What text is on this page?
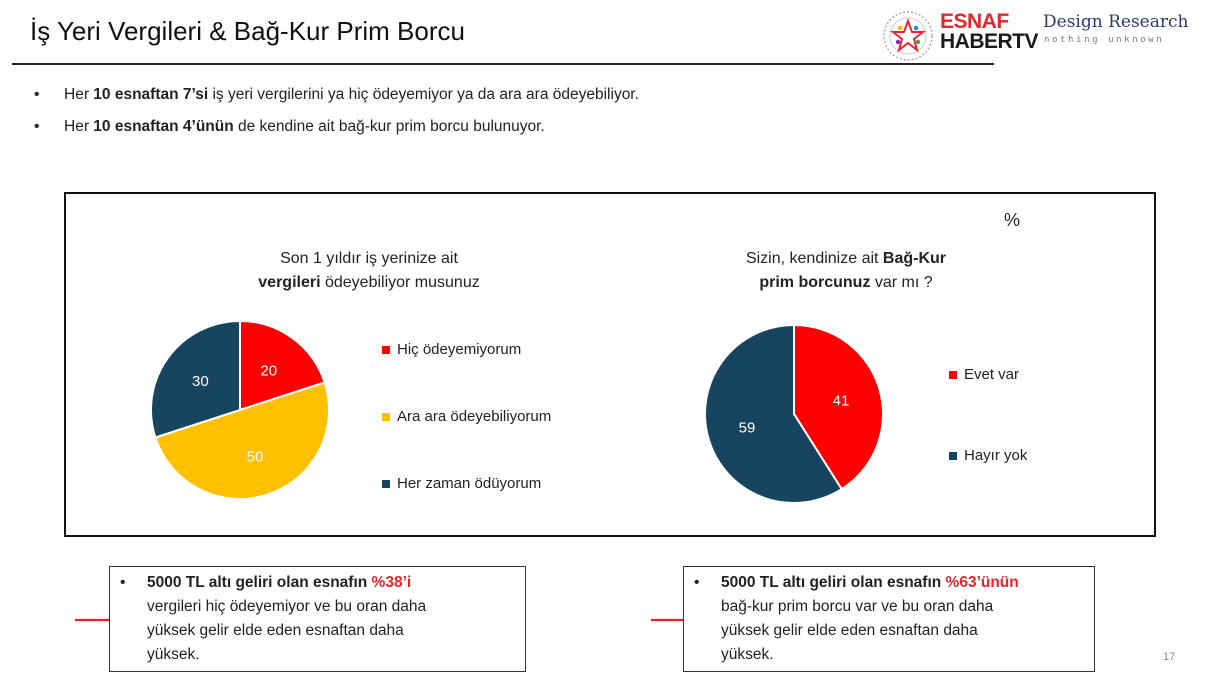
İş Yeri Vergileri & Bağ-Kur Prim Borcu	ESNAF
HABERTV
Design Research
nothing unknown
• Her 10 esnaftan 7’si iş yeri vergilerini ya hiç ödeyemiyor ya da ara ara ödeyebiliyor.
• Her 10 esnaftan 4’ünün de kendine ait bağ-kur prim borcu bulunuyor.
%
Son 1 yıldır iş yerinize ait
vergileri ödeyebiliyor musunuz
Sizin, kendinize ait Bağ-Kur
prim borcunuz var mı ?
20
50
30
41
59
Hiç ödeyemiyorum
Ara ara ödeyebiliyorum
Her zaman ödüyorum
Evet var
Hayır yok
• 5000 TL altı geliri olan esnafın %38’i
vergileri hiç ödeyemiyor ve bu oran daha
yüksek gelir elde eden esnaftan daha
yüksek.
• 5000 TL altı geliri olan esnafın %63’ünün
bağ-kur prim borcu var ve bu oran daha
yüksek gelir elde eden esnaftan daha
yüksek.	17
